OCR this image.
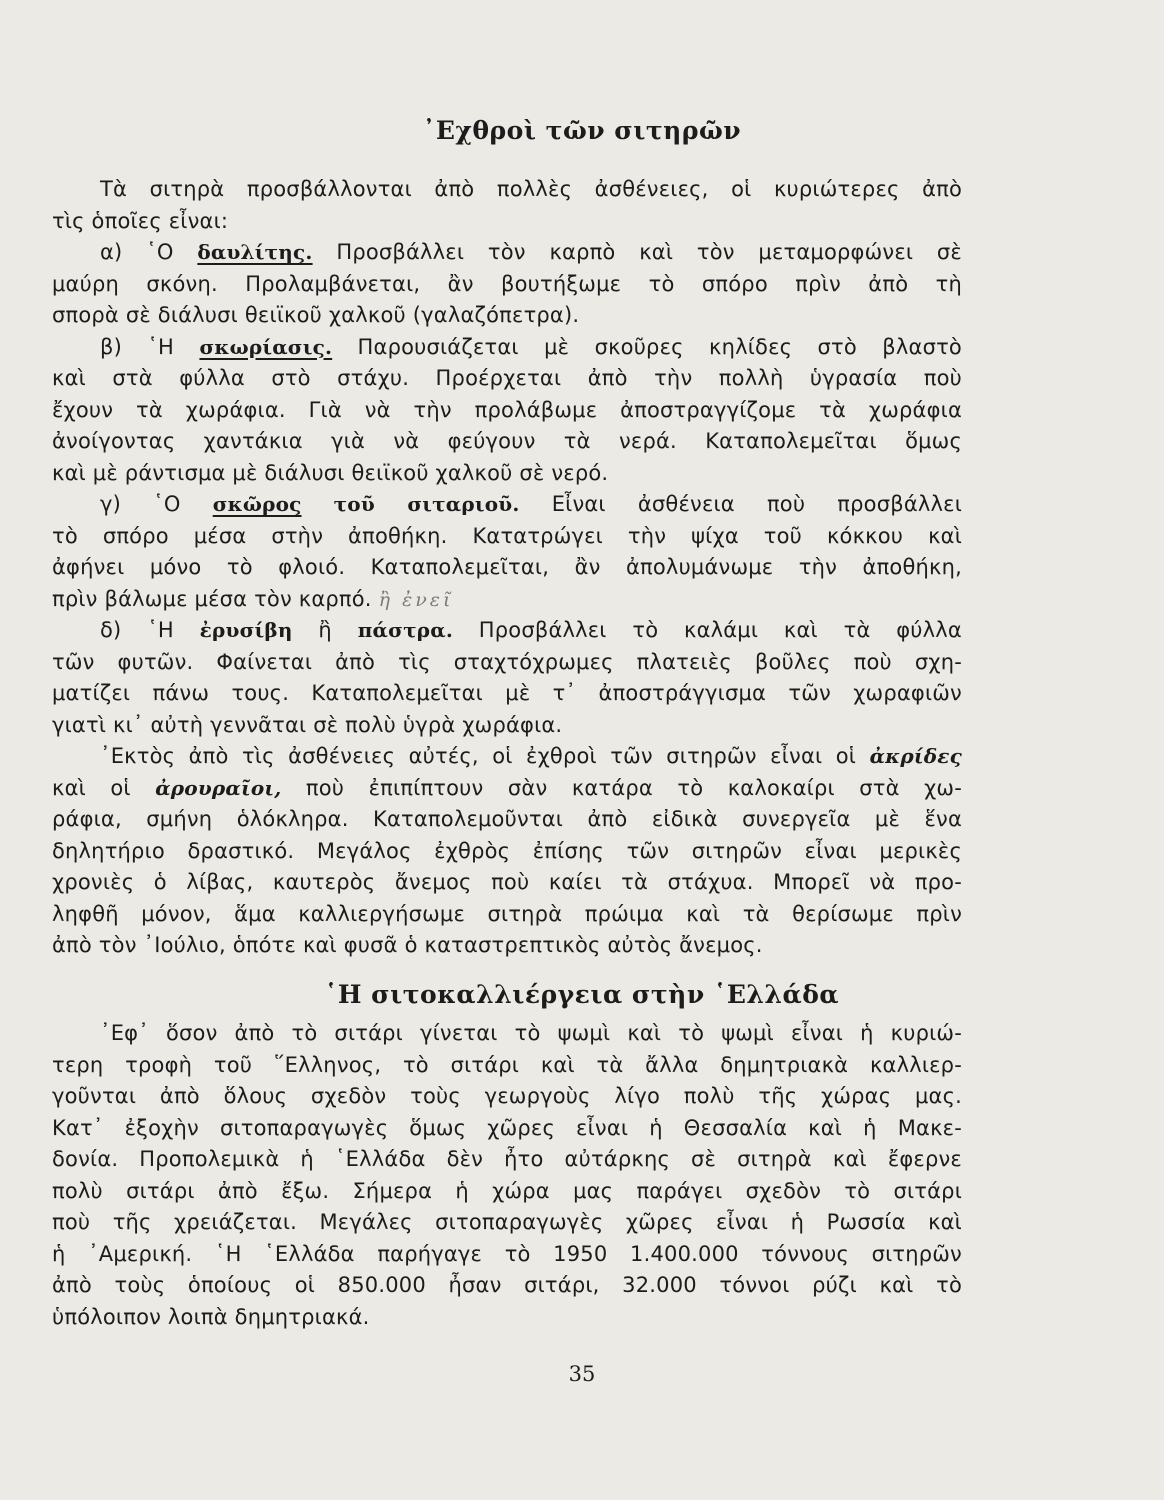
᾿Εχθροὶ τῶν σιτηρῶν
Τὰ σιτηρὰ προσβάλλονται ἀπὸ πολλὲς ἀσθένειες, οἱ κυριώτερες ἀπὸ
τὶς ὁποῖες εἶναι:
α) ῾Ο δαυλίτης. Προσβάλλει τὸν καρπὸ καὶ τὸν μεταμορφώνει σὲ
μαύρη σκόνη. Προλαμβάνεται, ἂν βουτήξωμε τὸ σπόρο πρὶν ἀπὸ τὴ
σπορὰ σὲ διάλυσι θειϊκοῦ χαλκοῦ (γαλαζόπετρα).
β) ῾Η σκωρίασις. Παρουσιάζεται μὲ σκοῦρες κηλίδες στὸ βλαστὸ
καὶ στὰ φύλλα στὸ στάχυ. Προέρχεται ἀπὸ τὴν πολλὴ ὑγρασία ποὺ
ἔχουν τὰ χωράφια. Γιὰ νὰ τὴν προλάβωμε ἀποστραγγίζομε τὰ χωράφια
ἀνοίγοντας χαντάκια γιὰ νὰ φεύγουν τὰ νερά. Καταπολεμεῖται ὅμως
καὶ μὲ ράντισμα μὲ διάλυσι θειϊκοῦ χαλκοῦ σὲ νερό.
γ) ῾Ο σκῶρος τοῦ σιταριοῦ. Εἶναι ἀσθένεια ποὺ προσβάλλει
τὸ σπόρο μέσα στὴν ἀποθήκη. Κατατρώγει τὴν ψίχα τοῦ κόκκου καὶ
ἀφήνει μόνο τὸ φλοιό. Καταπολεμεῖται, ἂν ἀπολυμάνωμε τὴν ἀποθήκη,
πρὶν βάλωμε μέσα τὸν καρπό. ἢ ἐνεῖ
δ) ῾Η ἐρυσίβη ἢ πάστρα. Προσβάλλει τὸ καλάμι καὶ τὰ φύλλα
τῶν φυτῶν. Φαίνεται ἀπὸ τὶς σταχτόχρωμες πλατειὲς βοῦλες ποὺ σχη-
ματίζει πάνω τους. Καταπολεμεῖται μὲ τ᾿ ἀποστράγγισμα τῶν χωραφιῶν
γιατὶ κι᾿ αὐτὴ γεννᾶται σὲ πολὺ ὑγρὰ χωράφια.
᾿Εκτὸς ἀπὸ τὶς ἀσθένειες αὐτές, οἱ ἐχθροὶ τῶν σιτηρῶν εἶναι οἱ ἀκρίδες
καὶ οἱ ἀρουραῖοι, ποὺ ἐπιπίπτουν σὰν κατάρα τὸ καλοκαίρι στὰ χω-
ράφια, σμήνη ὁλόκληρα. Καταπολεμοῦνται ἀπὸ εἰδικὰ συνεργεῖα μὲ ἕνα
δηλητήριο δραστικό. Μεγάλος ἐχθρὸς ἐπίσης τῶν σιτηρῶν εἶναι μερικὲς
χρονιὲς ὁ λίβας, καυτερὸς ἄνεμος ποὺ καίει τὰ στάχυα. Μπορεῖ νὰ προ-
ληφθῆ μόνον, ἅμα καλλιεργήσωμε σιτηρὰ πρώιμα καὶ τὰ θερίσωμε πρὶν
ἀπὸ τὸν ᾿Ιούλιο, ὁπότε καὶ φυσᾶ ὁ καταστρεπτικὸς αὐτὸς ἄνεμος.
῾Η σιτοκαλλιέργεια στὴν ῾Ελλάδα
᾿Εφ᾿ ὅσον ἀπὸ τὸ σιτάρι γίνεται τὸ ψωμὶ καὶ τὸ ψωμὶ εἶναι ἡ κυριώ-
τερη τροφὴ τοῦ ῞Ελληνος, τὸ σιτάρι καὶ τὰ ἄλλα δημητριακὰ καλλιερ-
γοῦνται ἀπὸ ὅλους σχεδὸν τοὺς γεωργοὺς λίγο πολὺ τῆς χώρας μας.
Κατ᾿ ἐξοχὴν σιτοπαραγωγὲς ὅμως χῶρες εἶναι ἡ Θεσσαλία καὶ ἡ Μακε-
δονία. Προπολεμικὰ ἡ ῾Ελλάδα δὲν ἦτο αὐτάρκης σὲ σιτηρὰ καὶ ἔφερνε
πολὺ σιτάρι ἀπὸ ἔξω. Σήμερα ἡ χώρα μας παράγει σχεδὸν τὸ σιτάρι
ποὺ τῆς χρειάζεται. Μεγάλες σιτοπαραγωγὲς χῶρες εἶναι ἡ Ρωσσία καὶ
ἡ ᾿Αμερική. ῾Η ῾Ελλάδα παρήγαγε τὸ 1950 1.400.000 τόννους σιτηρῶν
ἀπὸ τοὺς ὁποίους οἱ 850.000 ἦσαν σιτάρι, 32.000 τόννοι ρύζι καὶ τὸ
ὑπόλοιπον λοιπὰ δημητριακά.
35
